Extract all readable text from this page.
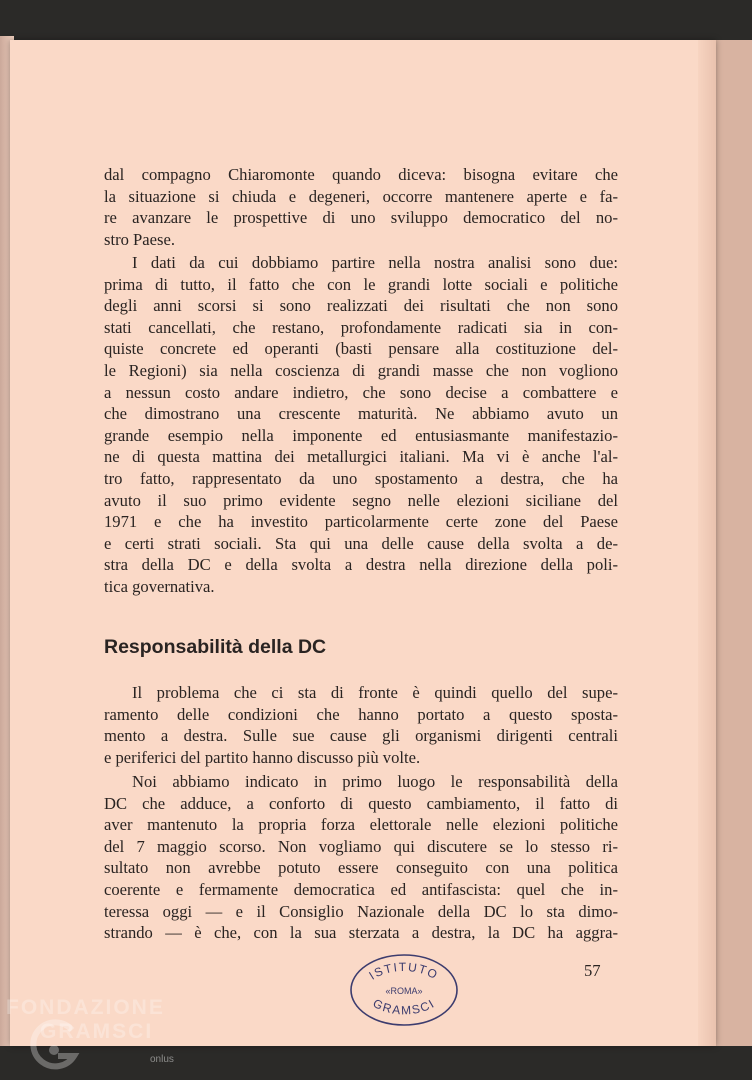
dal compagno Chiaromonte quando diceva: bisogna evitare che
la situazione si chiuda e degeneri, occorre mantenere aperte e fa-
re avanzare le prospettive di uno sviluppo democratico del no-
stro Paese.
I dati da cui dobbiamo partire nella nostra analisi sono due:
prima di tutto, il fatto che con le grandi lotte sociali e politiche
degli anni scorsi si sono realizzati dei risultati che non sono
stati cancellati, che restano, profondamente radicati sia in con-
quiste concrete ed operanti (basti pensare alla costituzione del-
le Regioni) sia nella coscienza di grandi masse che non vogliono
a nessun costo andare indietro, che sono decise a combattere e
che dimostrano una crescente maturità. Ne abbiamo avuto un
grande esempio nella imponente ed entusiasmante manifestazio-
ne di questa mattina dei metallurgici italiani. Ma vi è anche l'al-
tro fatto, rappresentato da uno spostamento a destra, che ha
avuto il suo primo evidente segno nelle elezioni siciliane del
1971 e che ha investito particolarmente certe zone del Paese
e certi strati sociali. Sta qui una delle cause della svolta a de-
stra della DC e della svolta a destra nella direzione della poli-
tica governativa.
Responsabilità della DC
Il problema che ci sta di fronte è quindi quello del supe-
ramento delle condizioni che hanno portato a questo sposta-
mento a destra. Sulle sue cause gli organismi dirigenti centrali
e periferici del partito hanno discusso più volte.
Noi abbiamo indicato in primo luogo le responsabilità della
DC che adduce, a conforto di questo cambiamento, il fatto di
aver mantenuto la propria forza elettorale nelle elezioni politiche
del 7 maggio scorso. Non vogliamo qui discutere se lo stesso ri-
sultato non avrebbe potuto essere conseguito con una politica
coerente e fermamente democratica ed antifascista: quel che in-
teressa oggi — e il Consiglio Nazionale della DC lo sta dimo-
strando — è che, con la sua sterzata a destra, la DC ha aggra-
57
ISTITUTO
«ROMA»
GRAMSCI
FONDAZIONE
GRAMSCI
onlus
